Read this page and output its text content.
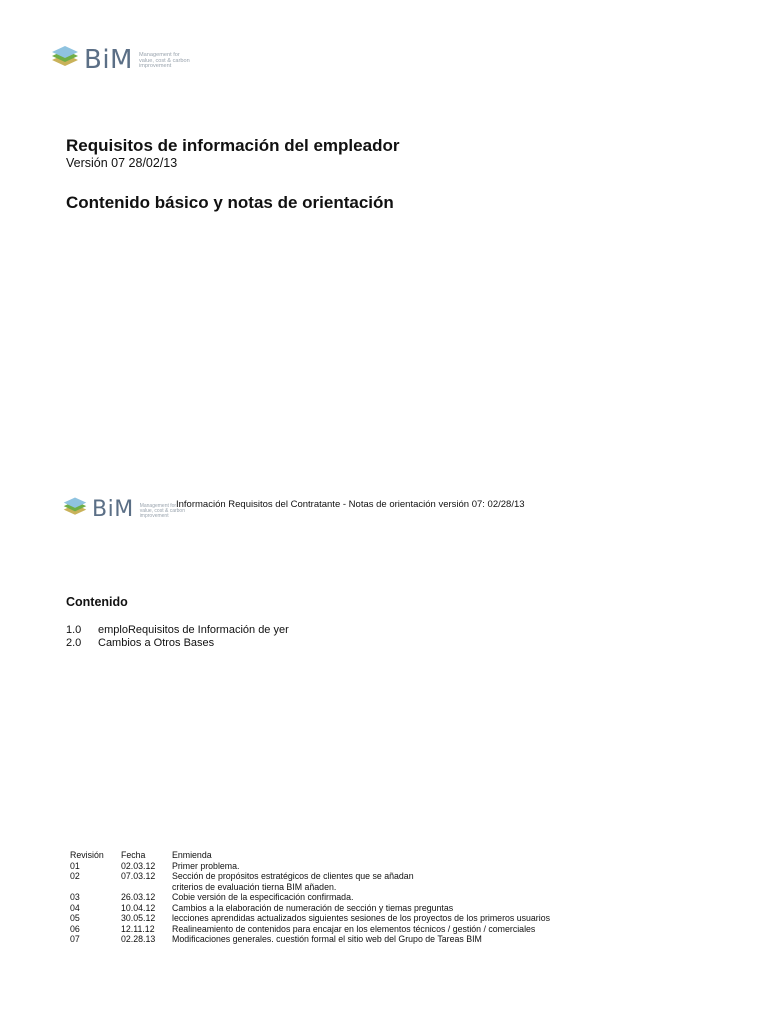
BiM Management for value, cost & carbon improvement
Requisitos de información del empleador
Versión 07 28/02/13
Contenido básico y notas de orientación
BiM Management for value, cost & carbon improvement
Información Requisitos del Contratante - Notas de orientación versión 07: 02/28/13
Contenido
1.0	emploRequisitos de Información de yer
2.0	Cambios a Otros Bases
Revisión	Fecha	Enmienda
01	02.03.12	Primer problema.
02	07.03.12	Sección de propósitos estratégicos de clientes que se añadan
		criterios de evaluación tierna BIM añaden.
03	26.03.12	Cobie versión de la especificación confirmada.
04	10.04.12	Cambios a la elaboración de numeración de sección y tiemas preguntas
05	30.05.12	lecciones aprendidas actualizados siguientes sesiones de los proyectos de los primeros usuarios
06	12.11.12	Realineamiento de contenidos para encajar en los elementos técnicos / gestión / comerciales
07	02.28.13	Modificaciones generales. cuestión formal el sitio web del Grupo de Tareas BIM
